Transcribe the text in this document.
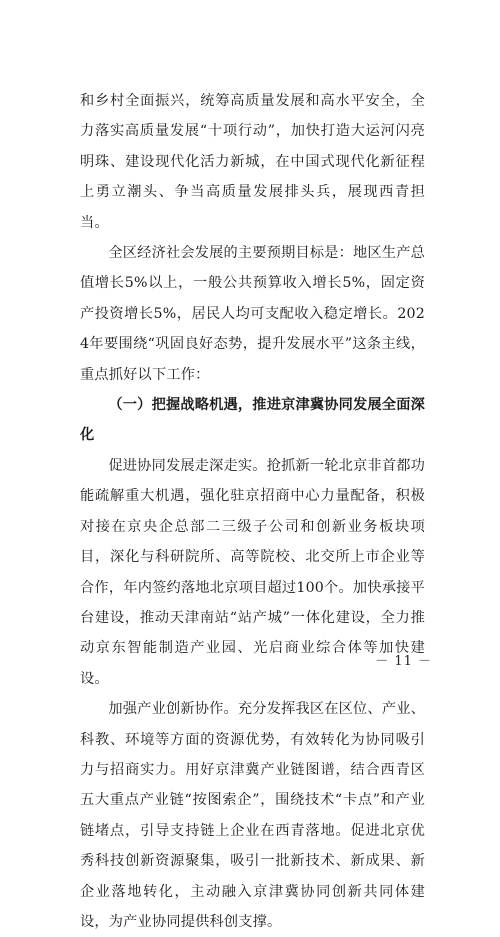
和乡村全面振兴，统筹高质量发展和高水平安全，全力落实高质量发展“十项行动”，加快打造大运河闪亮明珠、建设现代化活力新城，在中国式现代化新征程上勇立潮头、争当高质量发展排头兵，展现西青担当。

全区经济社会发展的主要预期目标是：地区生产总值增长5%以上，一般公共预算收入增长5%，固定资产投资增长5%，居民人均可支配收入稳定增长。2024年要围绕“巩固良好态势，提升发展水平”这条主线，重点抓好以下工作：

（一）把握战略机遇，推进京津冀协同发展全面深化

促进协同发展走深走实。抢抓新一轮北京非首都功能疏解重大机遇，强化驻京招商中心力量配备，积极对接在京央企总部二三级子公司和创新业务板块项目，深化与科研院所、高等院校、北交所上市企业等合作，年内签约落地北京项目超过100个。加快承接平台建设，推动天津南站“站产城”一体化建设，全力推动京东智能制造产业园、光启商业综合体等加快建设。

加强产业创新协作。充分发挥我区在区位、产业、科教、环境等方面的资源优势，有效转化为协同吸引力与招商实力。用好京津冀产业链图谱，结合西青区五大重点产业链“按图索企”，围绕技术“卡点”和产业链堵点，引导支持链上企业在西青落地。促进北京优秀科技创新资源聚集，吸引一批新技术、新成果、新企业落地转化，主动融入京津冀协同创新共同体建设，为产业协同提供科创支撑。

－ 11 －
